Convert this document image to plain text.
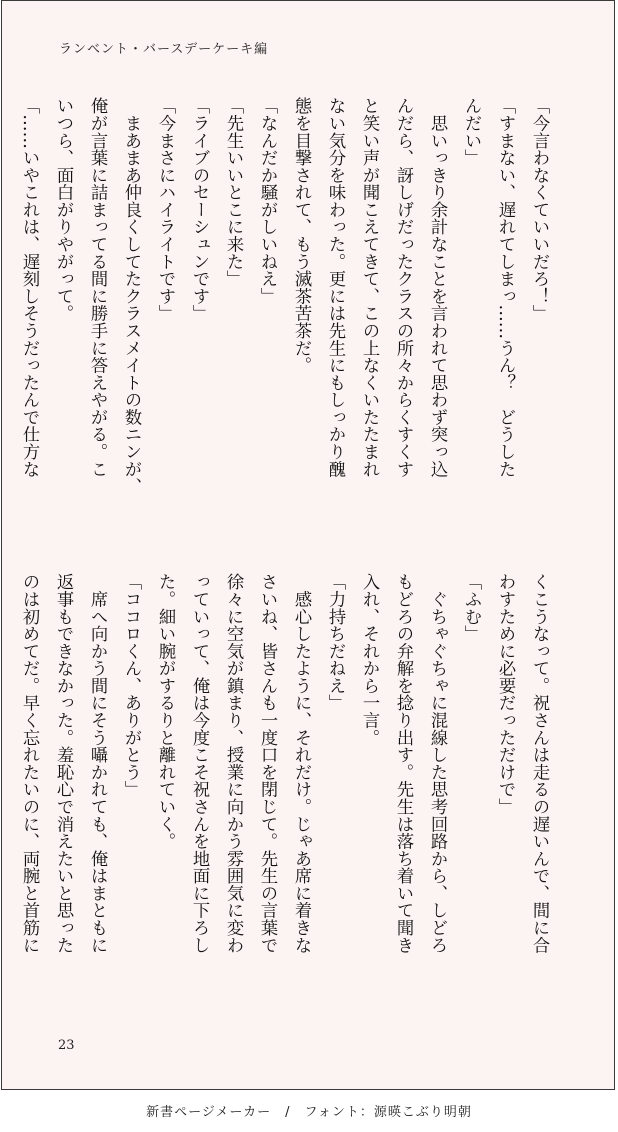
ランベント・バースデーケーキ編

「今言わなくていいだろ！」

「すまない、遅れてしまっ……うん？　どうした

んだい」

　思いっきり余計なことを言われて思わず突っ込

んだら、訝しげだったクラスの所々からくすくす

と笑い声が聞こえてきて、この上なくいたたまれ

ない気分を味わった。更には先生にもしっかり醜

態を目撃されて、もう滅茶苦茶だ。

「なんだか騒がしいねえ」

「先生いいとこに来た」

「ライブのセーシュンです」

「今まさにハイライトです」

　まあまあ仲良くしてたクラスメイトの数ニンが、

俺が言葉に詰まってる間に勝手に答えやがる。こ

いつら、面白がりやがって。

「……いやこれは、遅刻しそうだったんで仕方な

くこうなって。祝さんは走るの遅いんで、間に合

わすために必要だっただけで」

「ふむ」

　ぐちゃぐちゃに混線した思考回路から、しどろ

もどろの弁解を捻り出す。先生は落ち着いて聞き

入れ、それから一言。

「力持ちだねえ」

　感心したように、それだけ。じゃあ席に着きな

さいね、皆さんも一度口を閉じて。先生の言葉で

徐々に空気が鎮まり、授業に向かう雰囲気に変わ

っていって、俺は今度こそ祝さんを地面に下ろし

た。細い腕がするりと離れていく。

「ココロくん、ありがとう」

　席へ向かう間にそう囁かれても、俺はまともに

返事もできなかった。羞恥心で消えたいと思った

のは初めてだ。早く忘れたいのに、両腕と首筋に

23
新書ページメーカー　/　フォント：源暎こぶり明朝
